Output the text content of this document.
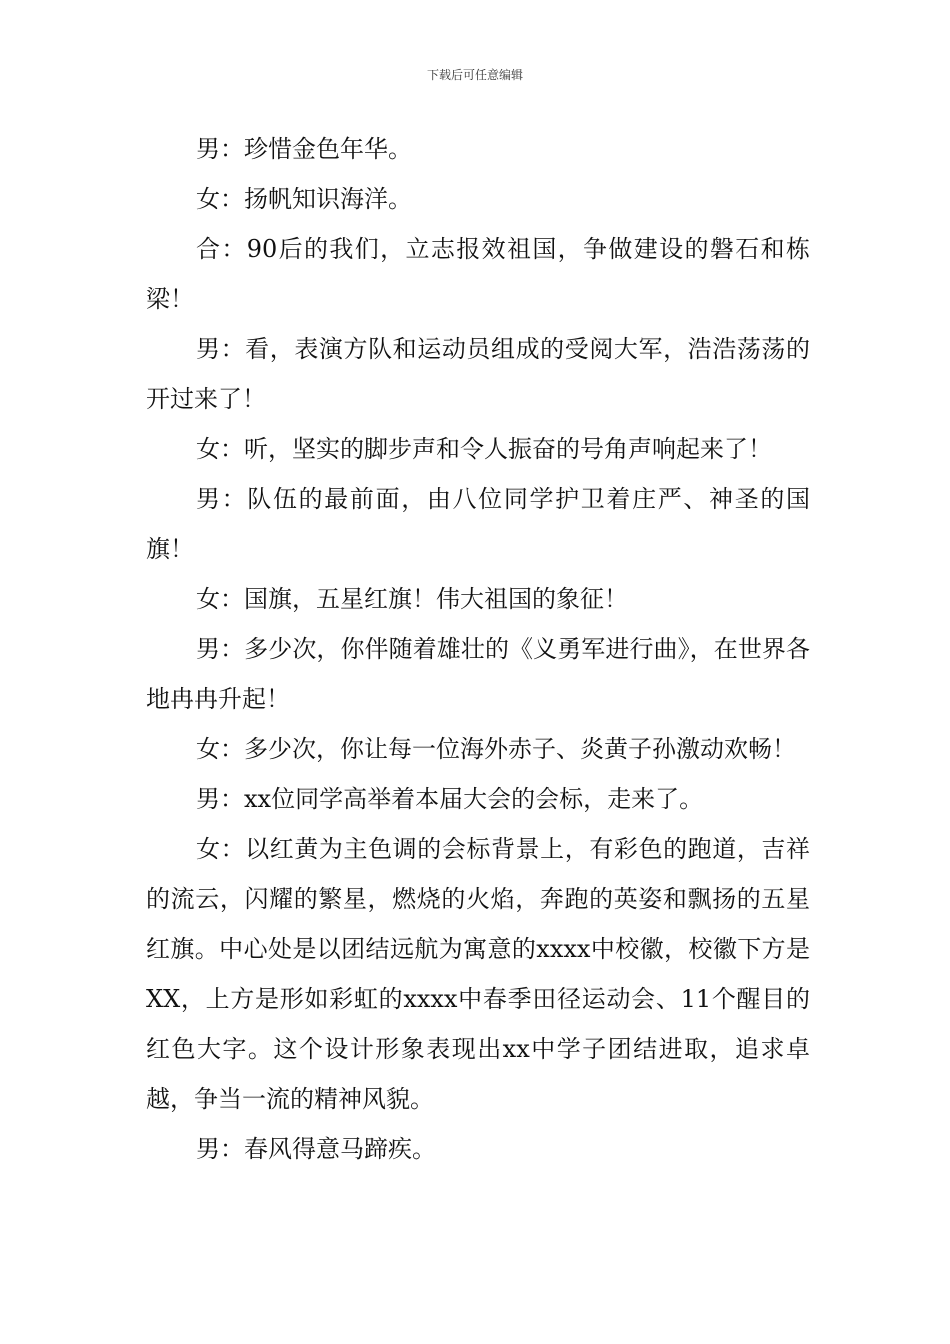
下载后可任意编辑

男：珍惜金色年华。

女：扬帆知识海洋。

合：90后的我们，立志报效祖国，争做建设的磐石和栋梁！

男：看，表演方队和运动员组成的受阅大军，浩浩荡荡的开过来了！

女：听，坚实的脚步声和令人振奋的号角声响起来了！

男：队伍的最前面，由八位同学护卫着庄严、神圣的国旗！

女：国旗，五星红旗！伟大祖国的象征！

男：多少次，你伴随着雄壮的《义勇军进行曲》，在世界各地冉冉升起！

女：多少次，你让每一位海外赤子、炎黄子孙激动欢畅！

男：xx位同学高举着本届大会的会标，走来了。

女：以红黄为主色调的会标背景上，有彩色的跑道，吉祥的流云，闪耀的繁星，燃烧的火焰，奔跑的英姿和飘扬的五星红旗。中心处是以团结远航为寓意的xxxx中校徽，校徽下方是XX，上方是形如彩虹的xxxx中春季田径运动会、11个醒目的红色大字。这个设计形象表现出xx中学子团结进取，追求卓越，争当一流的精神风貌。

男：春风得意马蹄疾。
